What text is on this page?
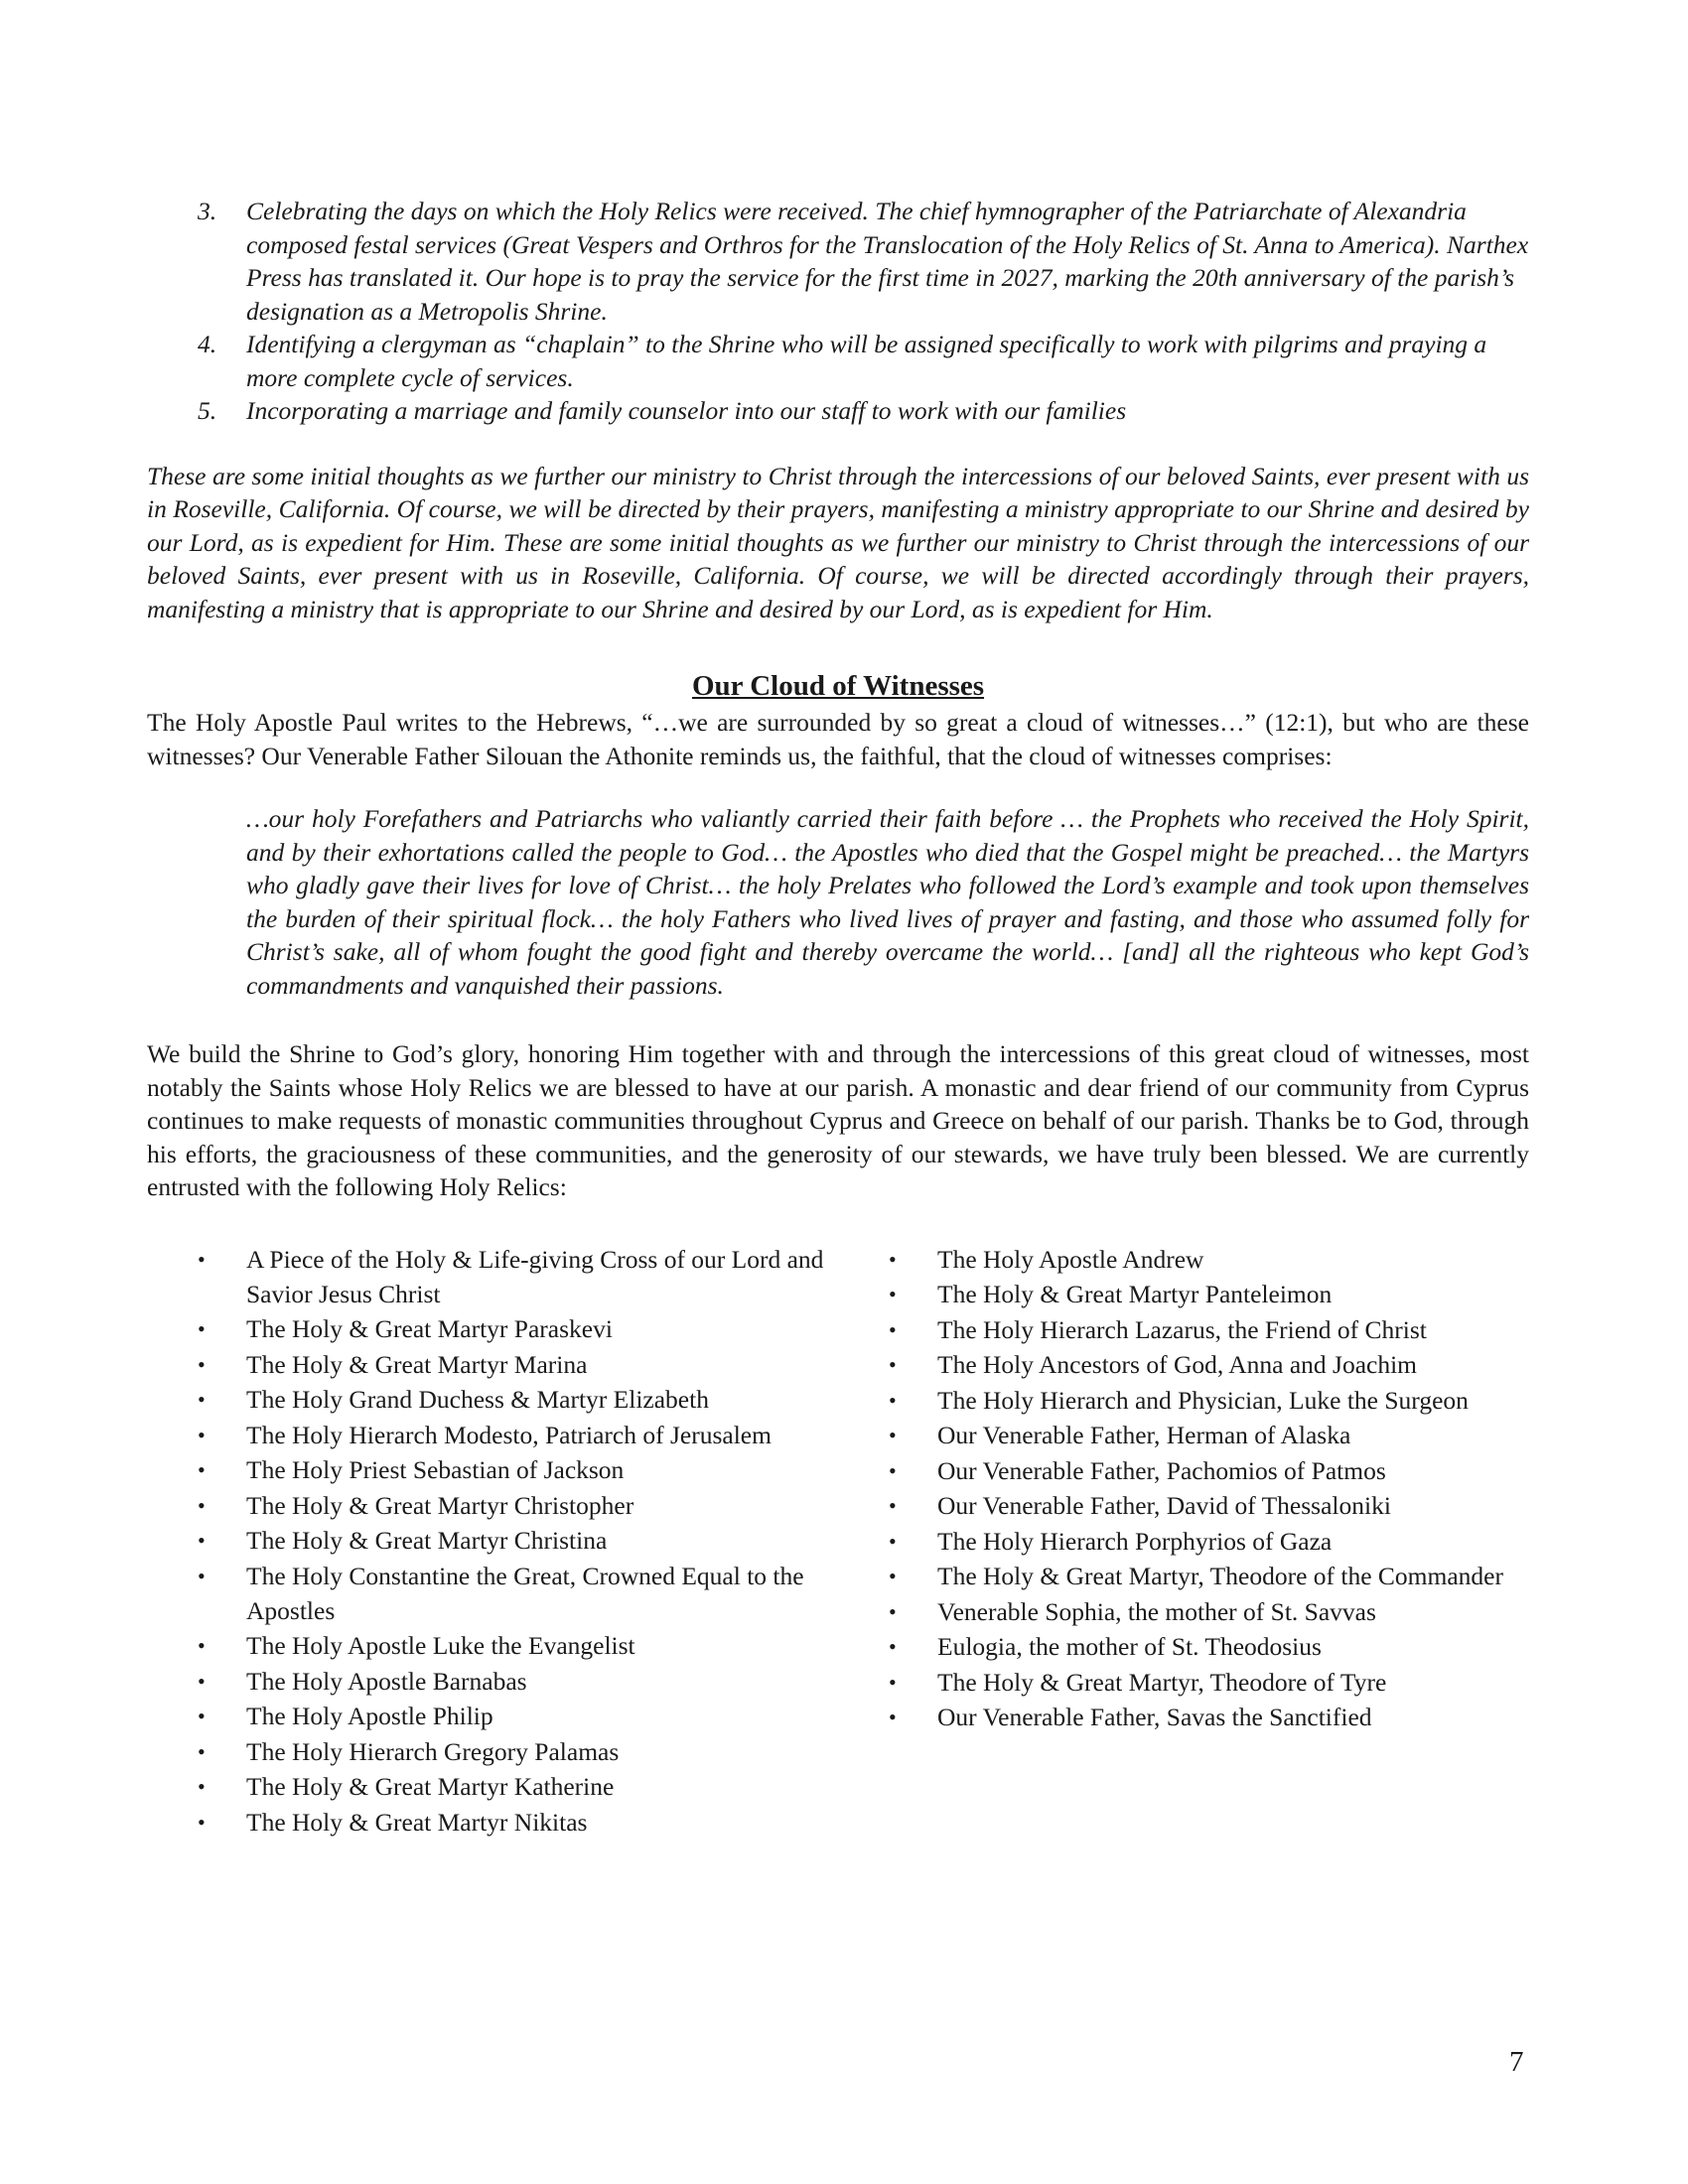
3. Celebrating the days on which the Holy Relics were received. The chief hymnographer of the Patriarchate of Alexandria composed festal services (Great Vespers and Orthros for the Translocation of the Holy Relics of St. Anna to America). Narthex Press has translated it. Our hope is to pray the service for the first time in 2027, marking the 20th anniversary of the parish’s designation as a Metropolis Shrine.
4. Identifying a clergyman as “chaplain” to the Shrine who will be assigned specifically to work with pilgrims and praying a more complete cycle of services.
5. Incorporating a marriage and family counselor into our staff to work with our families

These are some initial thoughts as we further our ministry to Christ through the intercessions of our beloved Saints, ever present with us in Roseville, California. Of course, we will be directed by their prayers, manifesting a ministry appropriate to our Shrine and desired by our Lord, as is expedient for Him. These are some initial thoughts as we further our ministry to Christ through the intercessions of our beloved Saints, ever present with us in Roseville, California. Of course, we will be directed accordingly through their prayers, manifesting a ministry that is appropriate to our Shrine and desired by our Lord, as is expedient for Him.

Our Cloud of Witnesses

The Holy Apostle Paul writes to the Hebrews, “…we are surrounded by so great a cloud of witnesses…” (12:1), but who are these witnesses? Our Venerable Father Silouan the Athonite reminds us, the faithful, that the cloud of witnesses comprises:

…our holy Forefathers and Patriarchs who valiantly carried their faith before … the Prophets who received the Holy Spirit, and by their exhortations called the people to God… the Apostles who died that the Gospel might be preached… the Martyrs who gladly gave their lives for love of Christ… the holy Prelates who followed the Lord’s example and took upon themselves the burden of their spiritual flock… the holy Fathers who lived lives of prayer and fasting, and those who assumed folly for Christ’s sake, all of whom fought the good fight and thereby overcame the world… [and] all the righteous who kept God’s commandments and vanquished their passions.

We build the Shrine to God’s glory, honoring Him together with and through the intercessions of this great cloud of witnesses, most notably the Saints whose Holy Relics we are blessed to have at our parish. A monastic and dear friend of our community from Cyprus continues to make requests of monastic communities throughout Cyprus and Greece on behalf of our parish. Thanks be to God, through his efforts, the graciousness of these communities, and the generosity of our stewards, we have truly been blessed. We are currently entrusted with the following Holy Relics:

• A Piece of the Holy & Life-giving Cross of our Lord and Savior Jesus Christ
• The Holy & Great Martyr Paraskevi
• The Holy & Great Martyr Marina
• The Holy Grand Duchess & Martyr Elizabeth
• The Holy Hierarch Modesto, Patriarch of Jerusalem
• The Holy Priest Sebastian of Jackson
• The Holy & Great Martyr Christopher
• The Holy & Great Martyr Christina
• The Holy Constantine the Great, Crowned Equal to the Apostles
• The Holy Apostle Luke the Evangelist
• The Holy Apostle Barnabas
• The Holy Apostle Philip
• The Holy Hierarch Gregory Palamas
• The Holy & Great Martyr Katherine
• The Holy & Great Martyr Nikitas
• The Holy Apostle Andrew
• The Holy & Great Martyr Panteleimon
• The Holy Hierarch Lazarus, the Friend of Christ
• The Holy Ancestors of God, Anna and Joachim
• The Holy Hierarch and Physician, Luke the Surgeon
• Our Venerable Father, Herman of Alaska
• Our Venerable Father, Pachomios of Patmos
• Our Venerable Father, David of Thessaloniki
• The Holy Hierarch Porphyrios of Gaza
• The Holy & Great Martyr, Theodore of the Commander
• Venerable Sophia, the mother of St. Savvas
• Eulogia, the mother of St. Theodosius
• The Holy & Great Martyr, Theodore of Tyre
• Our Venerable Father, Savas the Sanctified
7
